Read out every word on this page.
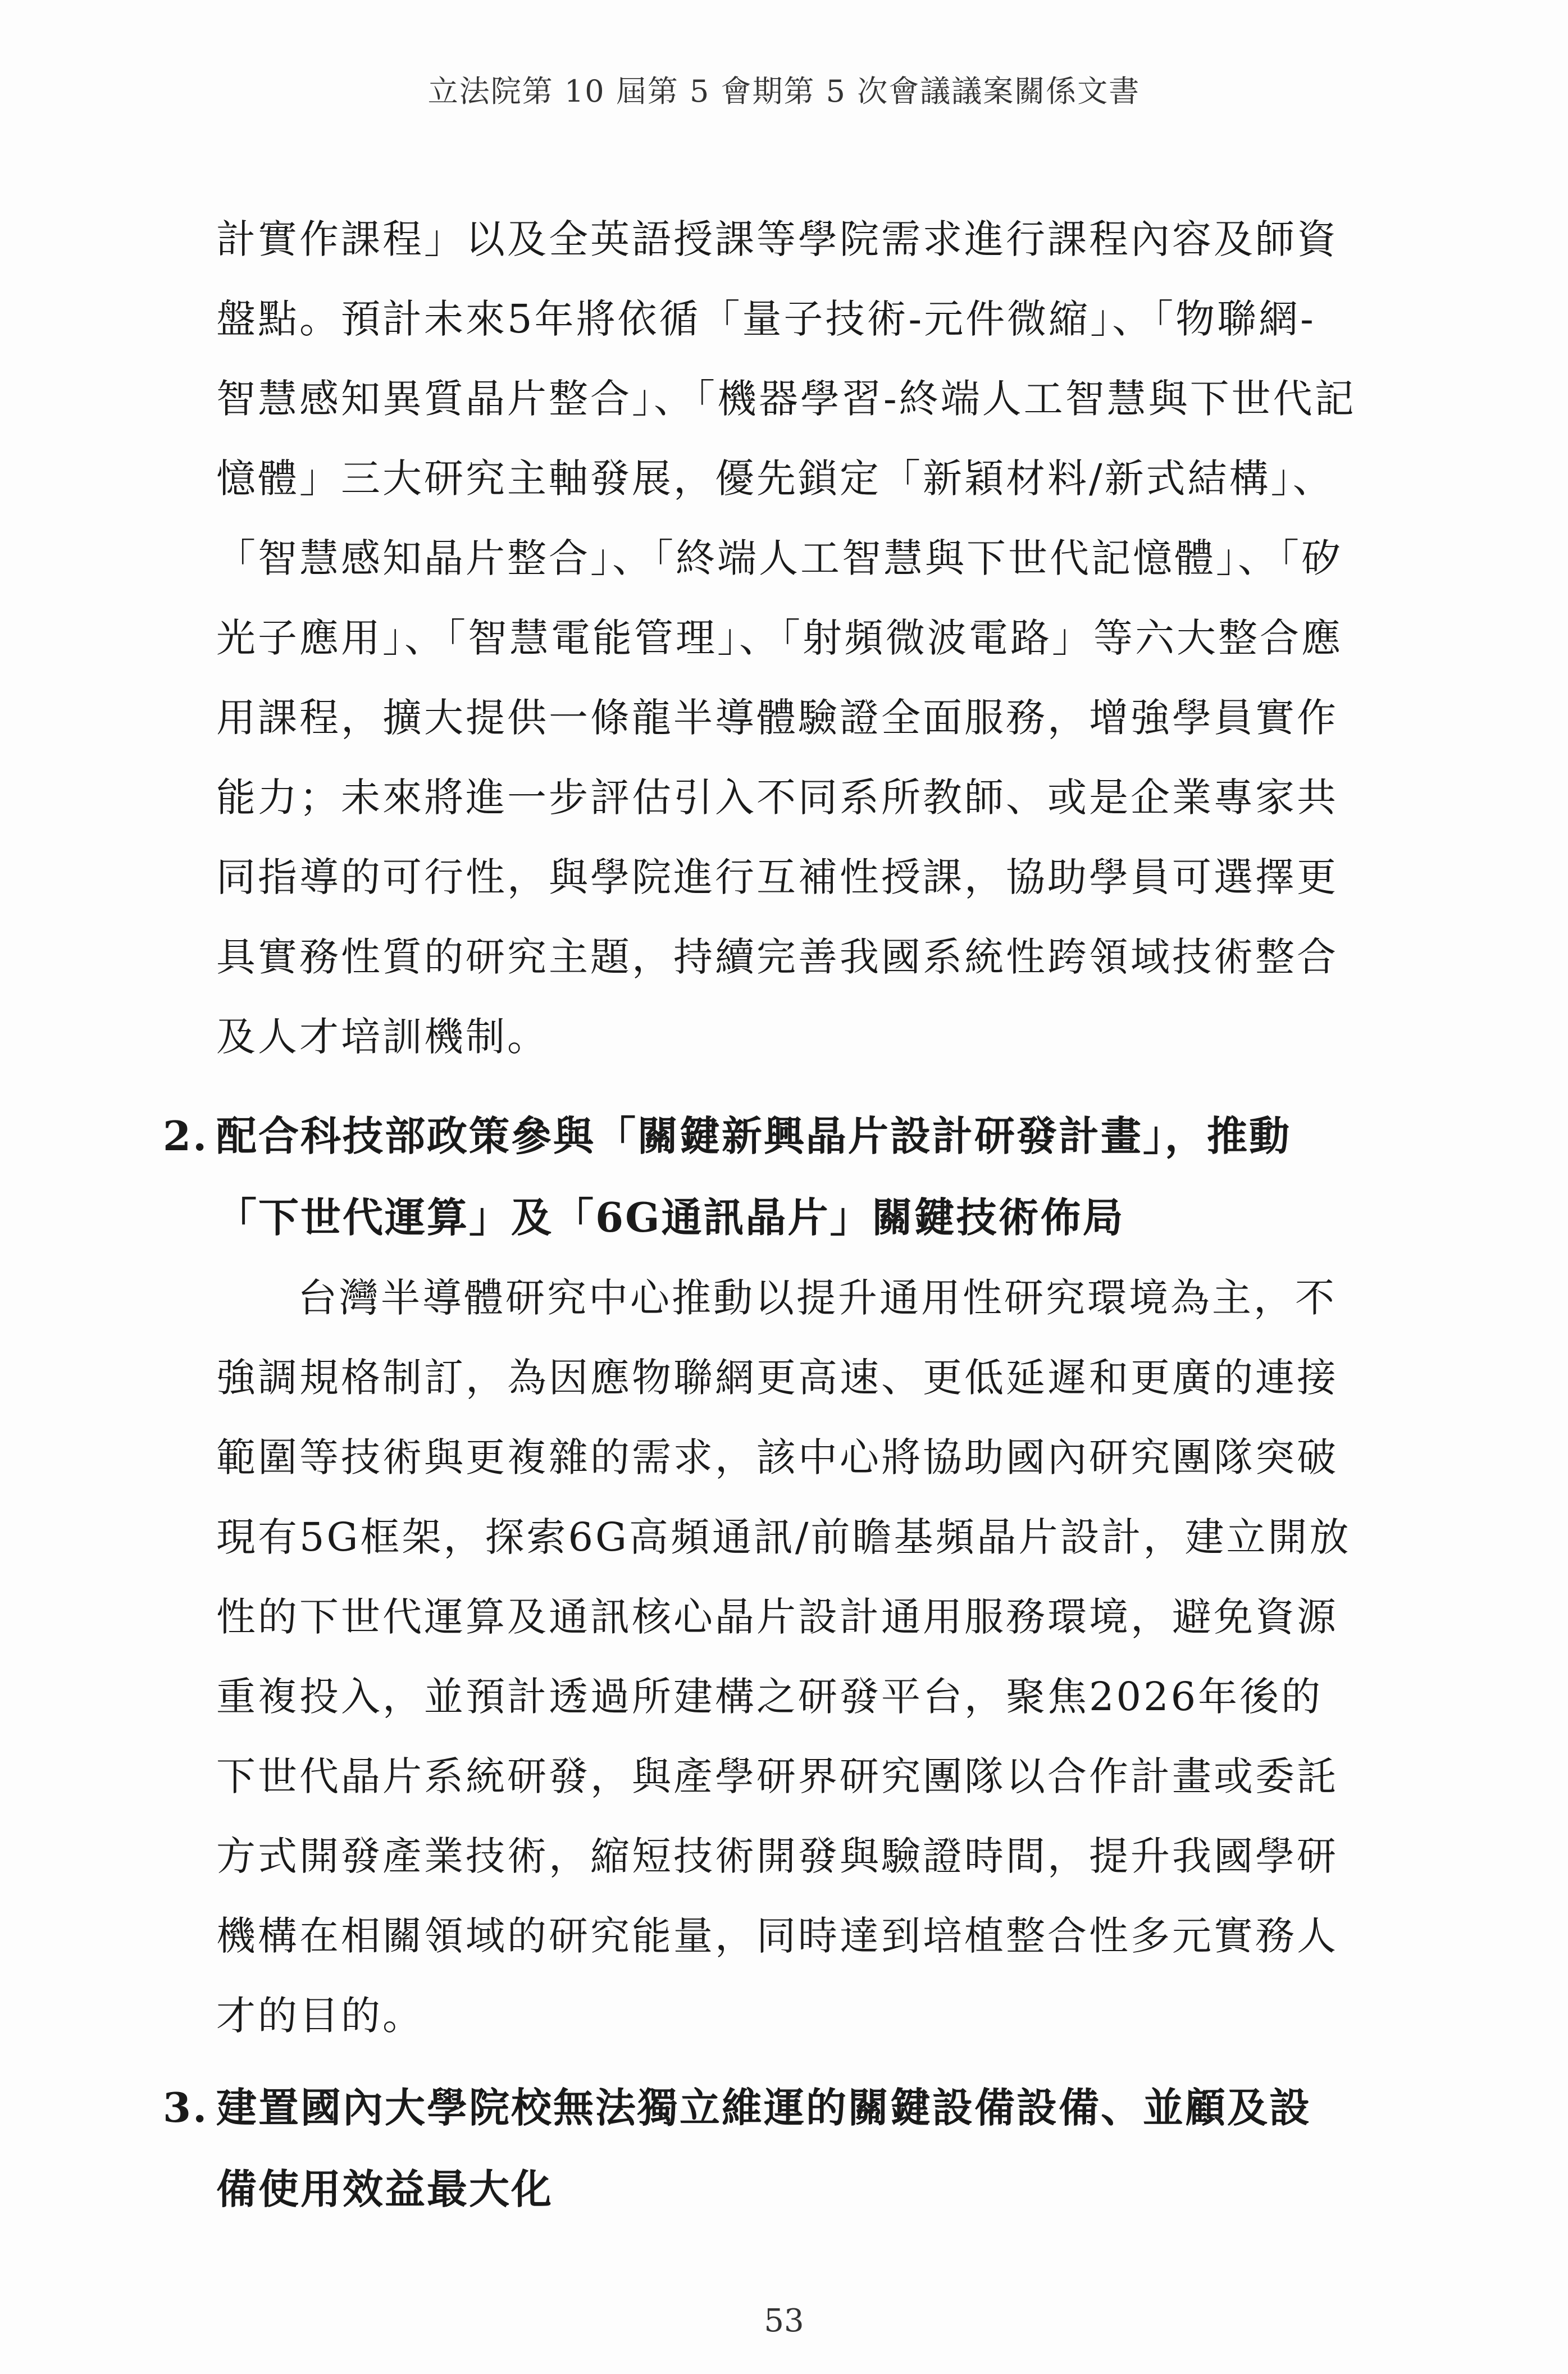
立法院第 10 屆第 5 會期第 5 次會議議案關係文書
計實作課程」以及全英語授課等學院需求進行課程內容及師資盤點。預計未來5年將依循「量子技術-元件微縮」、「物聯網-智慧感知異質晶片整合」、「機器學習-終端人工智慧與下世代記憶體」三大研究主軸發展，優先鎖定「新穎材料/新式結構」、「智慧感知晶片整合」、「終端人工智慧與下世代記憶體」、「矽光子應用」、「智慧電能管理」、「射頻微波電路」等六大整合應用課程，擴大提供一條龍半導體驗證全面服務，增強學員實作能力；未來將進一步評估引入不同系所教師、或是企業專家共同指導的可行性，與學院進行互補性授課，協助學員可選擇更具實務性質的研究主題，持續完善我國系統性跨領域技術整合及人才培訓機制。
2. 配合科技部政策參與「關鍵新興晶片設計研發計畫」，推動
「下世代運算」及「6G通訊晶片」關鍵技術佈局
台灣半導體研究中心推動以提升通用性研究環境為主，不強調規格制訂，為因應物聯網更高速、更低延遲和更廣的連接範圍等技術與更複雜的需求，該中心將協助國內研究團隊突破現有5G框架，探索6G高頻通訊/前瞻基頻晶片設計，建立開放性的下世代運算及通訊核心晶片設計通用服務環境，避免資源重複投入，並預計透過所建構之研發平台，聚焦2026年後的下世代晶片系統研發，與產學研界研究團隊以合作計畫或委託方式開發產業技術，縮短技術開發與驗證時間，提升我國學研機構在相關領域的研究能量，同時達到培植整合性多元實務人才的目的。
3. 建置國內大學院校無法獨立維運的關鍵設備設備、並顧及設
備使用效益最大化
53
